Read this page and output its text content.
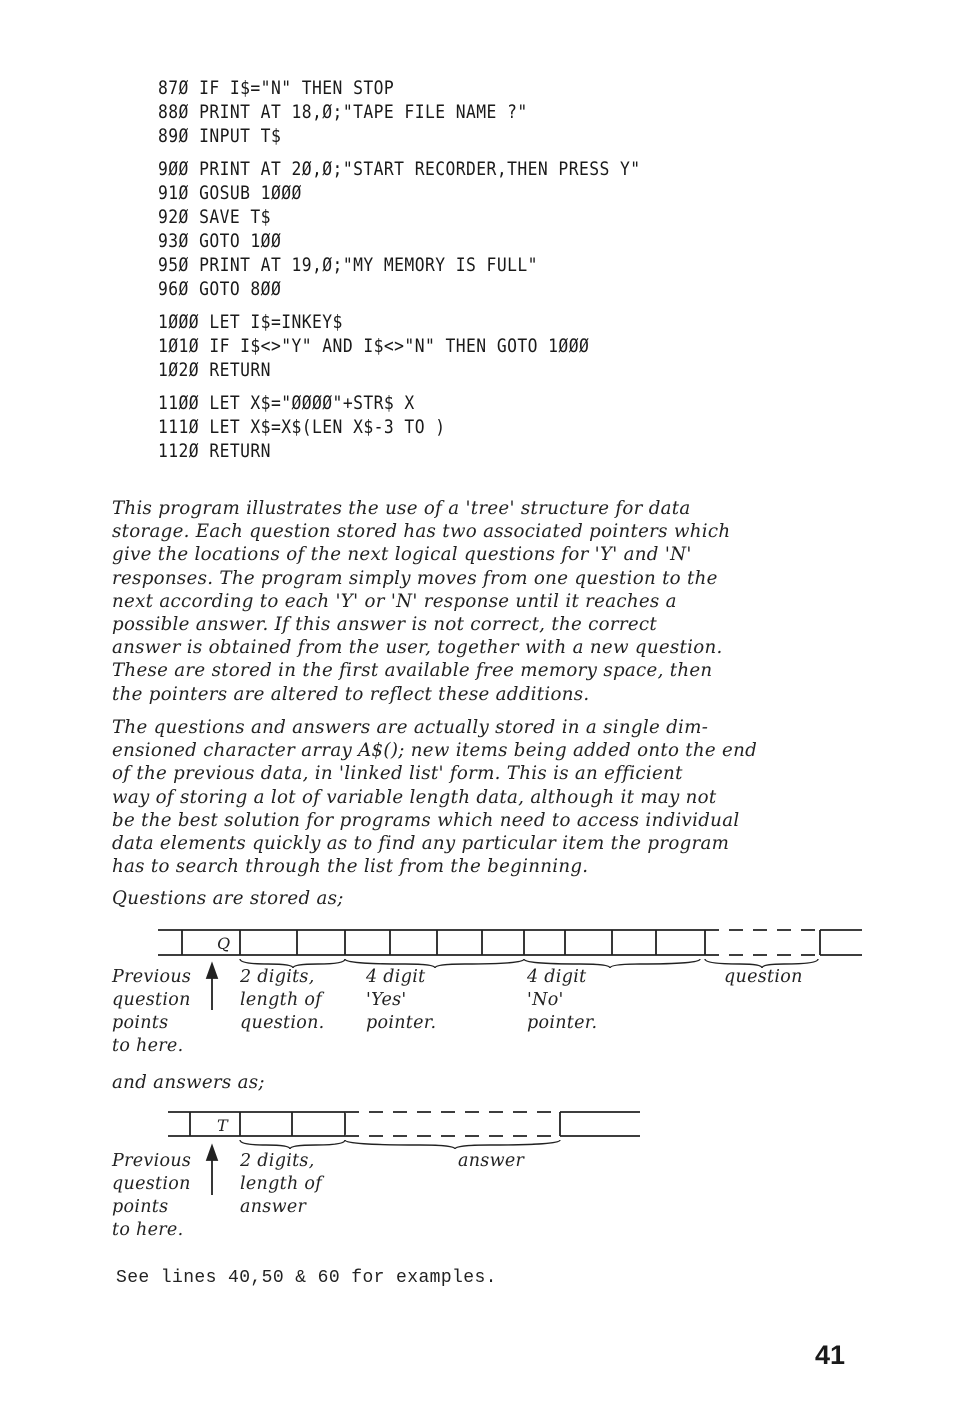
87Ø IF I$="N" THEN STOP
88Ø PRINT AT 18,Ø;"TAPE FILE NAME ?"
89Ø INPUT T$
9ØØ PRINT AT 2Ø,Ø;"START RECORDER,THEN PRESS Y"
91Ø GOSUB 1ØØØ
92Ø SAVE T$
93Ø GOTO 1ØØ
95Ø PRINT AT 19,Ø;"MY MEMORY IS FULL"
96Ø GOTO 8ØØ
1ØØØ LET I$=INKEY$
1Ø1Ø IF I$<>"Y" AND I$<>"N" THEN GOTO 1ØØØ
1Ø2Ø RETURN
11ØØ LET X$="ØØØØ"+STR$ X
111Ø LET X$=X$(LEN X$-3 TO )
112Ø RETURN
This program illustrates the use of a 'tree' structure for data
storage. Each question stored has two associated pointers which
give the locations of the next logical questions for 'Y' and 'N'
responses. The program simply moves from one question to the
next according to each 'Y' or 'N' response until it reaches a
possible answer. If this answer is not correct, the correct
answer is obtained from the user, together with a new question.
These are stored in the first available free memory space, then
the pointers are altered to reflect these additions.
The questions and answers are actually stored in a single dim-
ensioned character array A$(); new items being added onto the end
of the previous data, in 'linked list' form. This is an efficient
way of storing a lot of variable length data, although it may not
be the best solution for programs which need to access individual
data elements quickly as to find any particular item the program
has to search through the list from the beginning.
Questions are stored as;
Q
Previous
question
points
to here.
2 digits,
length of
question.
4 digit
'Yes'
pointer.
4 digit
'No'
pointer.
question
and answers as;
T
Previous
question
points
to here.
2 digits,
length of
answer
answer
See lines 40,50 & 60 for examples.
41
